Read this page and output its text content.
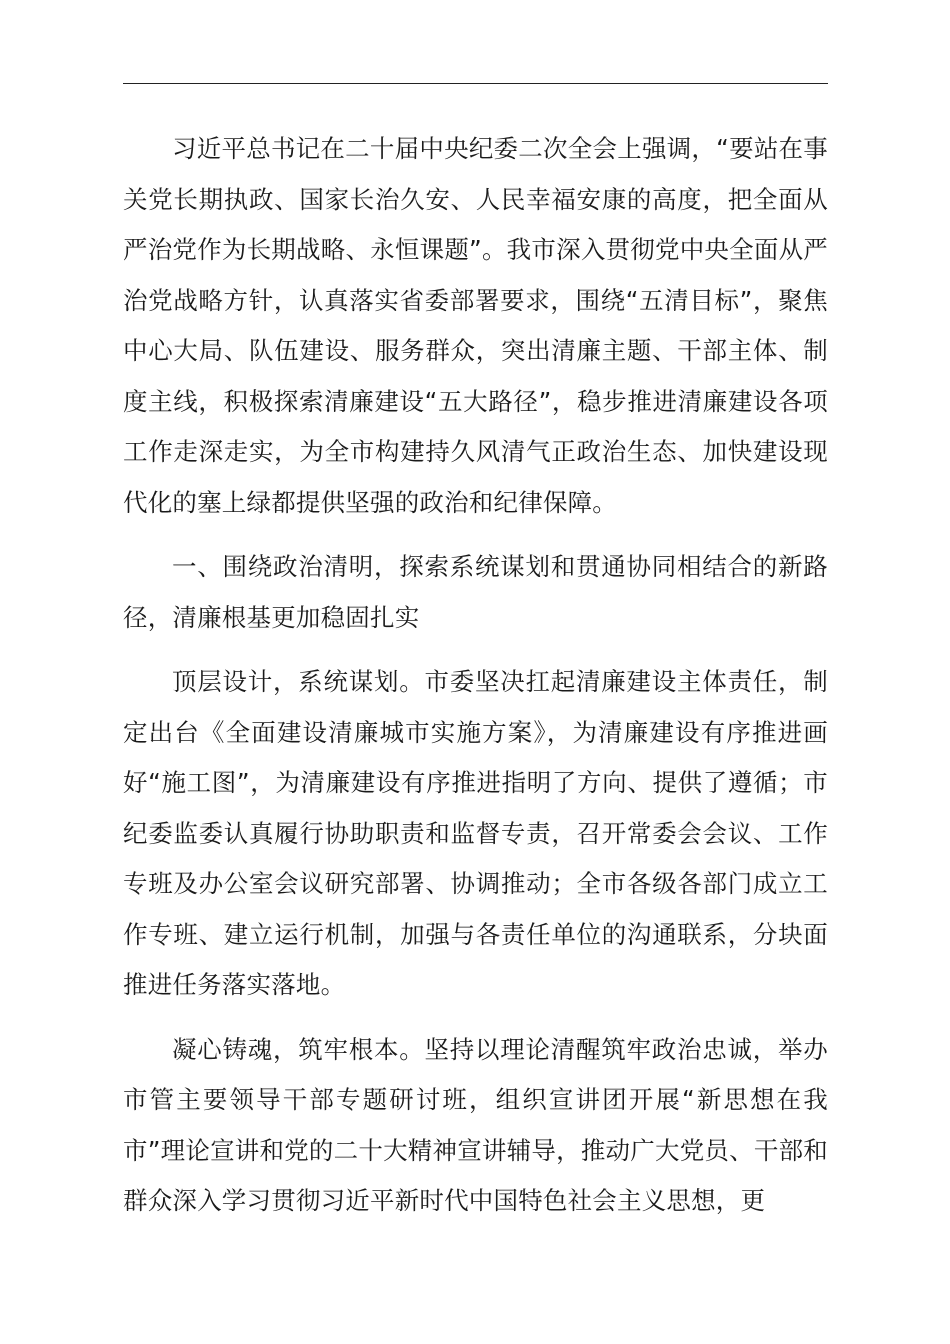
习近平总书记在二十届中央纪委二次全会上强调，“要站在事关党长期执政、国家长治久安、人民幸福安康的高度，把全面从严治党作为长期战略、永恒课题”。我市深入贯彻党中央全面从严治党战略方针，认真落实省委部署要求，围绕“五清目标”，聚焦中心大局、队伍建设、服务群众，突出清廉主题、干部主体、制度主线，积极探索清廉建设“五大路径”，稳步推进清廉建设各项工作走深走实，为全市构建持久风清气正政治生态、加快建设现代化的塞上绿都提供坚强的政治和纪律保障。

一、围绕政治清明，探索系统谋划和贯通协同相结合的新路径，清廉根基更加稳固扎实

顶层设计，系统谋划。市委坚决扛起清廉建设主体责任，制定出台《全面建设清廉城市实施方案》，为清廉建设有序推进画好“施工图”，为清廉建设有序推进指明了方向、提供了遵循；市纪委监委认真履行协助职责和监督专责，召开常委会会议、工作专班及办公室会议研究部署、协调推动；全市各级各部门成立工作专班、建立运行机制，加强与各责任单位的沟通联系，分块面推进任务落实落地。

凝心铸魂，筑牢根本。坚持以理论清醒筑牢政治忠诚，举办市管主要领导干部专题研讨班，组织宣讲团开展“新思想在我市”理论宣讲和党的二十大精神宣讲辅导，推动广大党员、干部和群众深入学习贯彻习近平新时代中国特色社会主义思想，更
